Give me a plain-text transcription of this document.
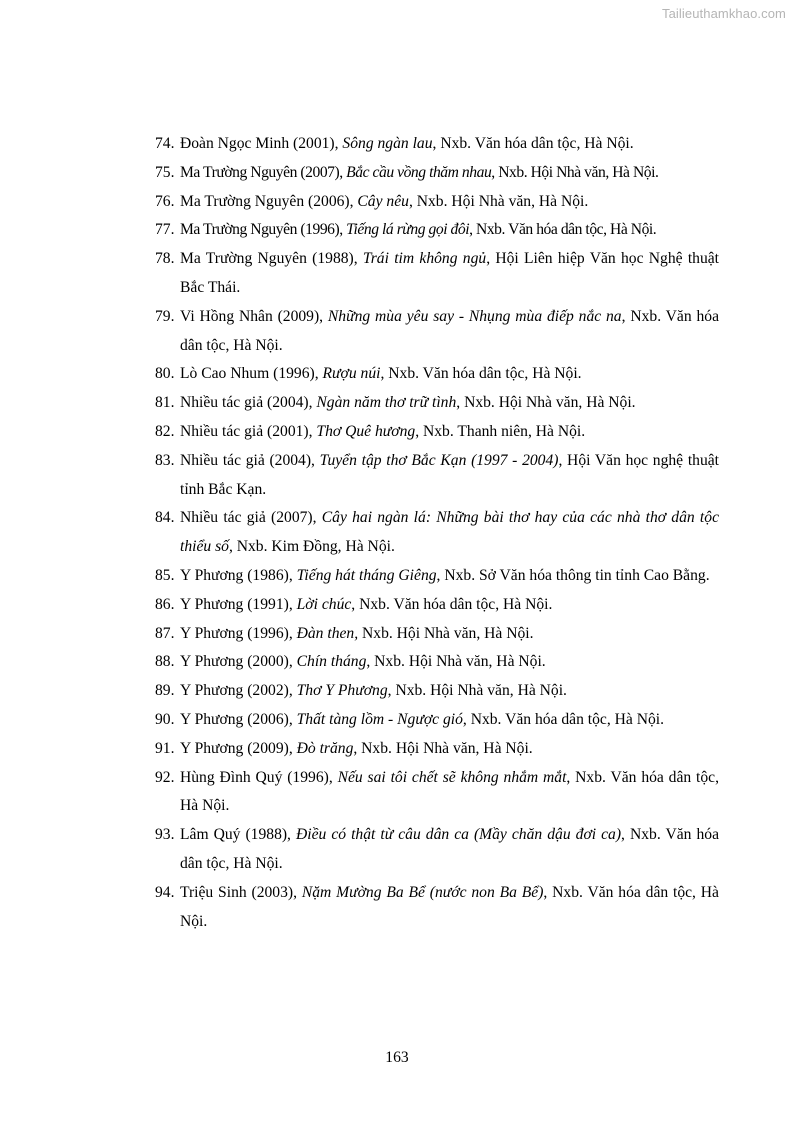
Tailieuthamkhao.com
74. Đoàn Ngọc Minh (2001), Sông ngàn lau, Nxb. Văn hóa dân tộc, Hà Nội.
75. Ma Trường Nguyên (2007), Bắc cầu vồng thăm nhau, Nxb. Hội Nhà văn, Hà Nội.
76. Ma Trường Nguyên (2006), Cây nêu, Nxb. Hội Nhà văn, Hà Nội.
77. Ma Trường Nguyên (1996), Tiếng lá rừng gọi đôi, Nxb. Văn hóa dân tộc, Hà Nội.
78. Ma Trường Nguyên (1988), Trái tim không ngủ, Hội Liên hiệp Văn học Nghệ thuật Bắc Thái.
79. Vi Hồng Nhân (2009), Những mùa yêu say - Nhụng mùa điếp nắc na, Nxb. Văn hóa dân tộc, Hà Nội.
80. Lò Cao Nhum (1996), Rượu núi, Nxb. Văn hóa dân tộc, Hà Nội.
81. Nhiều tác giả (2004), Ngàn năm thơ trữ tình, Nxb. Hội Nhà văn, Hà Nội.
82. Nhiều tác giả (2001), Thơ Quê hương, Nxb. Thanh niên, Hà Nội.
83. Nhiều tác giả (2004), Tuyển tập thơ Bắc Kạn (1997 - 2004), Hội Văn học nghệ thuật tỉnh Bắc Kạn.
84. Nhiều tác giả (2007), Cây hai ngàn lá: Những bài thơ hay của các nhà thơ dân tộc thiểu số, Nxb. Kim Đồng, Hà Nội.
85. Y Phương (1986), Tiếng hát tháng Giêng, Nxb. Sở Văn hóa thông tin tỉnh Cao Bằng.
86. Y Phương (1991), Lời chúc, Nxb. Văn hóa dân tộc, Hà Nội.
87. Y Phương (1996), Đàn then, Nxb. Hội Nhà văn, Hà Nội.
88. Y Phương (2000), Chín tháng, Nxb. Hội Nhà văn, Hà Nội.
89. Y Phương (2002), Thơ Y Phương, Nxb. Hội Nhà văn, Hà Nội.
90. Y Phương (2006), Thất tàng lồm - Ngược gió, Nxb. Văn hóa dân tộc, Hà Nội.
91. Y Phương (2009), Đò trăng, Nxb. Hội Nhà văn, Hà Nội.
92. Hùng Đình Quý (1996), Nếu sai tôi chết sẽ không nhắm mắt, Nxb. Văn hóa dân tộc, Hà Nội.
93. Lâm Quý (1988), Điều có thật từ câu dân ca (Mầy chăn dậu đơi ca), Nxb. Văn hóa dân tộc, Hà Nội.
94. Triệu Sinh (2003), Nặm Mường Ba Bể (nước non Ba Bể), Nxb. Văn hóa dân tộc, Hà Nội.
163
